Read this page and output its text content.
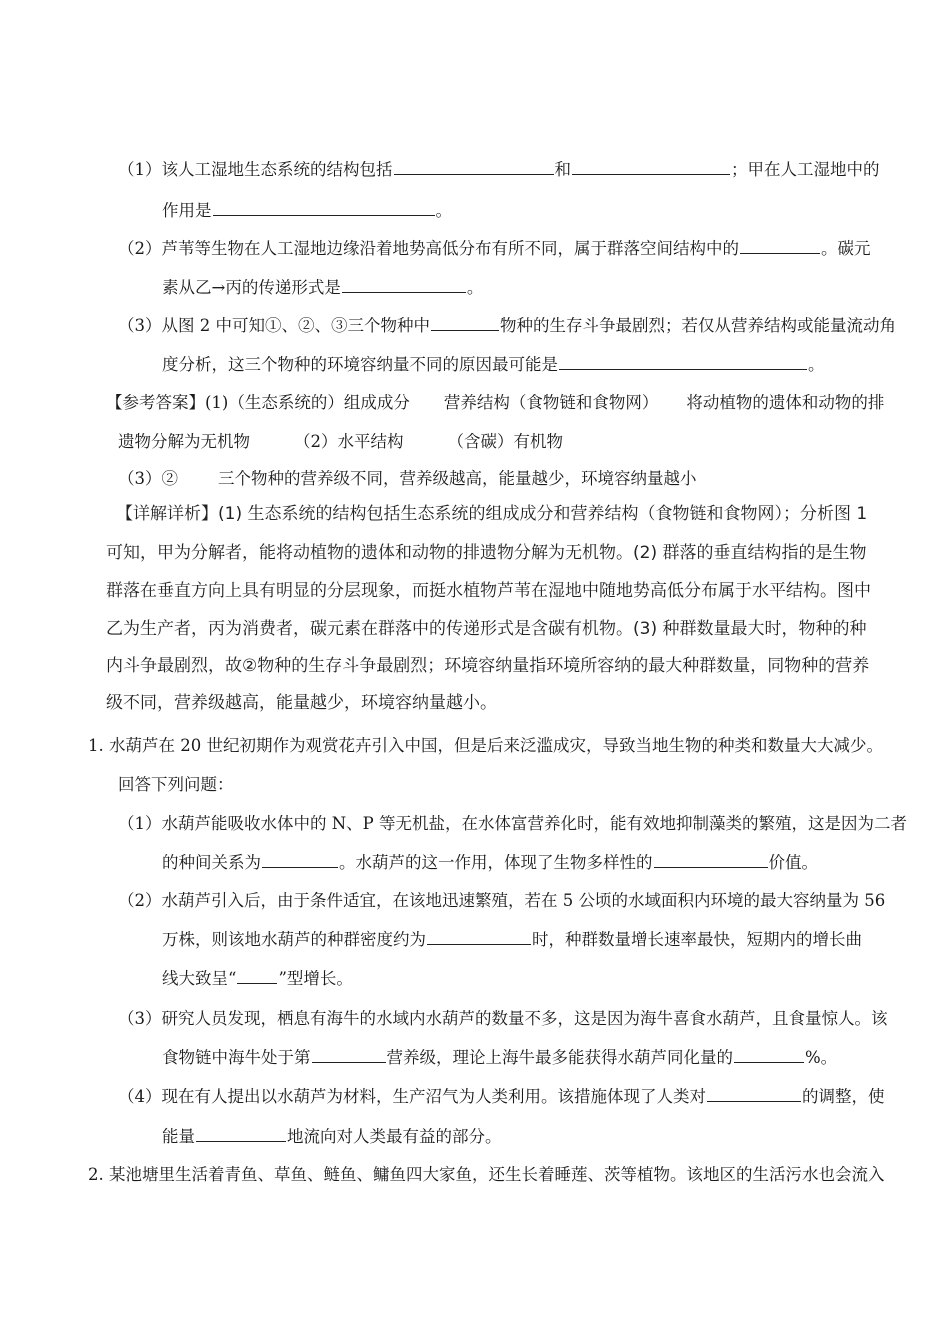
（1）该人工湿地生态系统的结构包括	和	；甲在人工湿地中的
作用是	。
（2）芦苇等生物在人工湿地边缘沿着地势高低分布有所不同，属于群落空间结构中的	。碳元
素从乙→丙的传递形式是	。
（3）从图 2 中可知①、②、③三个物种中	物种的生存斗争最剧烈；若仅从营养结构或能量流动角
度分析，这三个物种的环境容纳量不同的原因最可能是	。
【参考答案】(1)（生态系统的）组成成分 营养结构（食物链和食物网） 将动植物的遗体和动物的排
遗物分解为无机物	（2）水平结构	（含碳）有机物
（3）② 三个物种的营养级不同，营养级越高，能量越少，环境容纳量越小
【详解详析】(1) 生态系统的结构包括生态系统的组成成分和营养结构（食物链和食物网）；分析图 1
可知，甲为分解者，能将动植物的遗体和动物的排遗物分解为无机物。(2) 群落的垂直结构指的是生物
群落在垂直方向上具有明显的分层现象，而挺水植物芦苇在湿地中随地势高低分布属于水平结构。图中
乙为生产者，丙为消费者，碳元素在群落中的传递形式是含碳有机物。(3) 种群数量最大时，物种的种
内斗争最剧烈，故②物种的生存斗争最剧烈；环境容纳量指环境所容纳的最大种群数量，同物种的营养
级不同，营养级越高，能量越少，环境容纳量越小。
1. 水葫芦在 20 世纪初期作为观赏花卉引入中国，但是后来泛滥成灾，导致当地生物的种类和数量大大减少。
回答下列问题：
（1）水葫芦能吸收水体中的 N、P 等无机盐，在水体富营养化时，能有效地抑制藻类的繁殖，这是因为二者
的种间关系为	。水葫芦的这一作用，体现了生物多样性的	价值。
（2）水葫芦引入后，由于条件适宜，在该地迅速繁殖，若在 5 公顷的水域面积内环境的最大容纳量为 56
万株，则该地水葫芦的种群密度约为	时，种群数量增长速率最快，短期内的增长曲
线大致呈“	”型增长。
（3）研究人员发现，栖息有海牛的水域内水葫芦的数量不多，这是因为海牛喜食水葫芦，且食量惊人。该
食物链中海牛处于第	营养级，理论上海牛最多能获得水葫芦同化量的	%。
（4）现在有人提出以水葫芦为材料，生产沼气为人类利用。该措施体现了人类对	的调整，使
能量	地流向对人类最有益的部分。
2. 某池塘里生活着青鱼、草鱼、鲢鱼、鳙鱼四大家鱼，还生长着睡莲、茨等植物。该地区的生活污水也会流入
